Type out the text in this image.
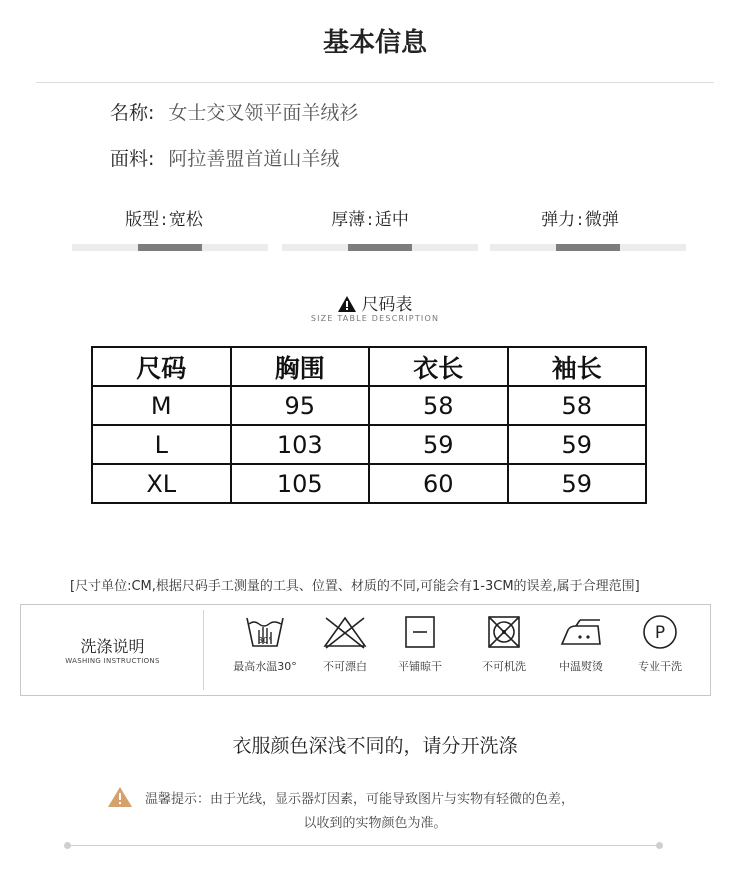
基本信息
名称: 女士交叉领平面羊绒衫
面料: 阿拉善盟首道山羊绒
版型 : 宽松	厚薄 : 适中	弹力 : 微弹
尺码表
SIZE TABLE DESCRIPTION
尺码	胸围	衣长	袖长
M	95	58	58
L	103	59	59
XL	105	60	59
[尺寸单位:CM,根据尺码手工测量的工具、位置、材质的不同,可能会有1-3CM的误差,属于合理范围]
洗涤说明
WASHING INSTRUCTIONS
30°
最高水温30°	不可漂白	平铺晾干	不可机洗	中温熨烫
P
专业干洗
衣服颜色深浅不同的，请分开洗涤
温馨提示：由于光线，显示器灯因素，可能导致图片与实物有轻微的色差，
以收到的实物颜色为准。
